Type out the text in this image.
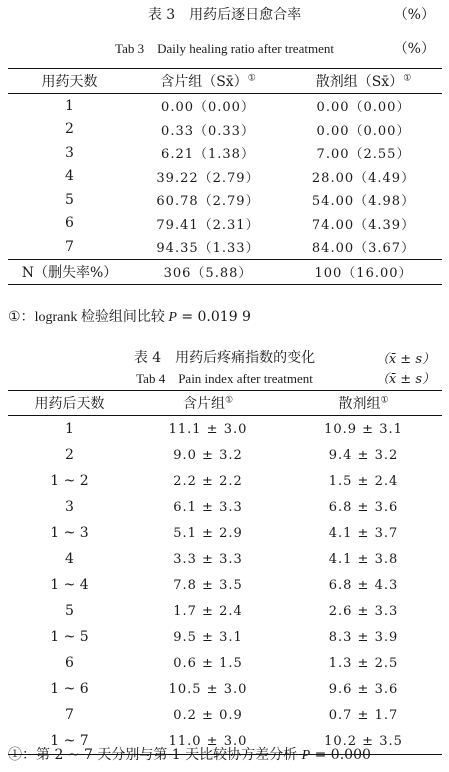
表 3　用药后逐日愈合率	（%）
Tab 3　Daily healing ratio after treatment	（%）
用药天数	含片组（Sx̄）①	散剂组（Sx̄）①
1	0.00（0.00）	0.00（0.00）
2	0.33（0.33）	0.00（0.00）
3	6.21（1.38）	7.00（2.55）
4	39.22（2.79）	28.00（4.49）
5	60.78（2.79）	54.00（4.98）
6	79.41（2.31）	74.00（4.39）
7	94.35（1.33）	84.00（3.67）
N（删失率%）	306（5.88）	100（16.00）
①：logrank 检验组间比较 P = 0.019 9
表 4　用药后疼痛指数的变化	（x̄ ± s）
Tab 4　Pain index after treatment	（x̄ ± s）
用药后天数	含片组①	散剂组①
1	11.1 ± 3.0	10.9 ± 3.1
2	9.0 ± 3.2	9.4 ± 3.2
1 ~ 2	2.2 ± 2.2	1.5 ± 2.4
3	6.1 ± 3.3	6.8 ± 3.6
1 ~ 3	5.1 ± 2.9	4.1 ± 3.7
4	3.3 ± 3.3	4.1 ± 3.8
1 ~ 4	7.8 ± 3.5	6.8 ± 4.3
5	1.7 ± 2.4	2.6 ± 3.3
1 ~ 5	9.5 ± 3.1	8.3 ± 3.9
6	0.6 ± 1.5	1.3 ± 2.5
1 ~ 6	10.5 ± 3.0	9.6 ± 3.6
7	0.2 ± 0.9	0.7 ± 1.7
1 ~ 7	11.0 ± 3.0	10.2 ± 3.5
①：第 2 ~ 7 天分别与第 1 天比较协方差分析 P = 0.000
